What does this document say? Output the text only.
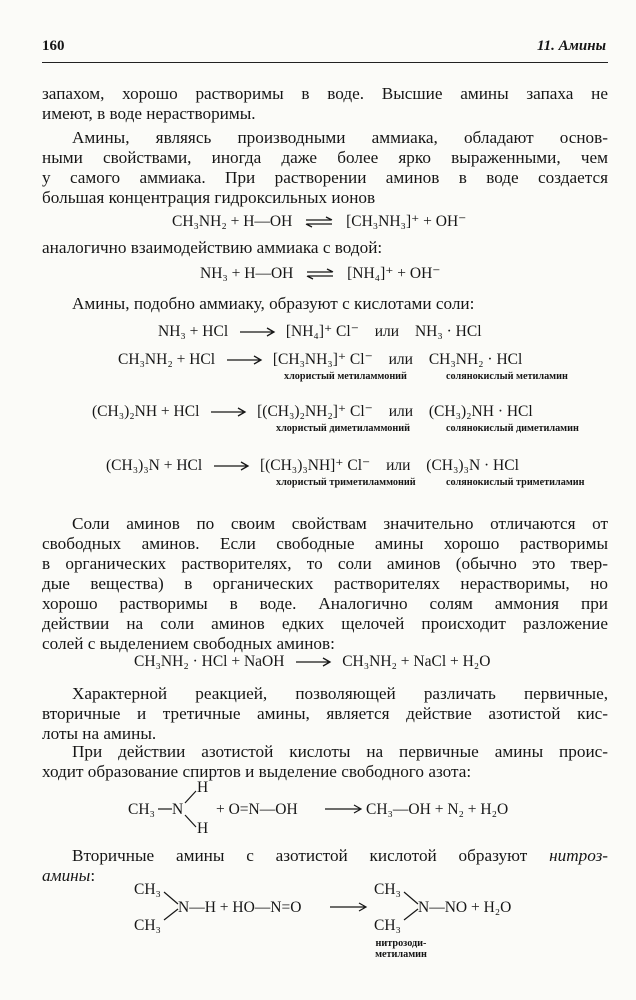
160	11. Амины
запахом, хорошо растворимы в воде. Высшие амины запаха не
имеют, в воде нерастворимы.
Амины, являясь производными аммиака, обладают основ-
ными свойствами, иногда даже более ярко выраженными, чем
у самого аммиака. При растворении аминов в воде создается
большая концентрация гидроксильных ионов
CH₃NH₂ + H—OH ⇌ [CH₃NH₃]⁺ + OH⁻
аналогично взаимодействию аммиака с водой:
NH₃ + H—OH ⇌ [NH₄]⁺ + OH⁻
Амины, подобно аммиаку, образуют с кислотами соли:
NH₃ + HCl → [NH₄]⁺ Cl⁻ или NH₃ · HCl
CH₃NH₂ + HCl → [CH₃NH₃]⁺ Cl⁻ или CH₃NH₂ · HCl
хлористый метиламмоний	солянокислый метиламин
(CH₃)₂NH + HCl → [(CH₃)₂NH₂]⁺ Cl⁻ или (CH₃)₂NH · HCl
хлористый диметиламмоний	солянокислый диметиламин
(CH₃)₃N + HCl → [(CH₃)₃NH]⁺ Cl⁻ или (CH₃)₃N · HCl
хлористый триметиламмоний	солянокислый триметиламин
Соли аминов по своим свойствам значительно отличаются от
свободных аминов. Если свободные амины хорошо растворимы
в органических растворителях, то соли аминов (обычно это твер-
дые вещества) в органических растворителях нерастворимы, но
хорошо растворимы в воде. Аналогично солям аммония при
действии на соли аминов едких щелочей происходит разложение
солей с выделением свободных аминов:
CH₃NH₂ · HCl + NaOH → CH₃NH₂ + NaCl + H₂O
Характерной реакцией, позволяющей различать первичные,
вторичные и третичные амины, является действие азотистой кис-
лоты на амины.
При действии азотистой кислоты на первичные амины проис-
ходит образование спиртов и выделение свободного азота:
CH₃ N
H
H
+ O=N—OH	CH₃—OH + N₂ + H₂O
Вторичные амины с азотистой кислотой образуют нитроз-
амины:
CH₃
CH₃
N—H + HO—N=O
CH₃
CH₃
N—NO + H₂O
нитрозоди- метиламин
